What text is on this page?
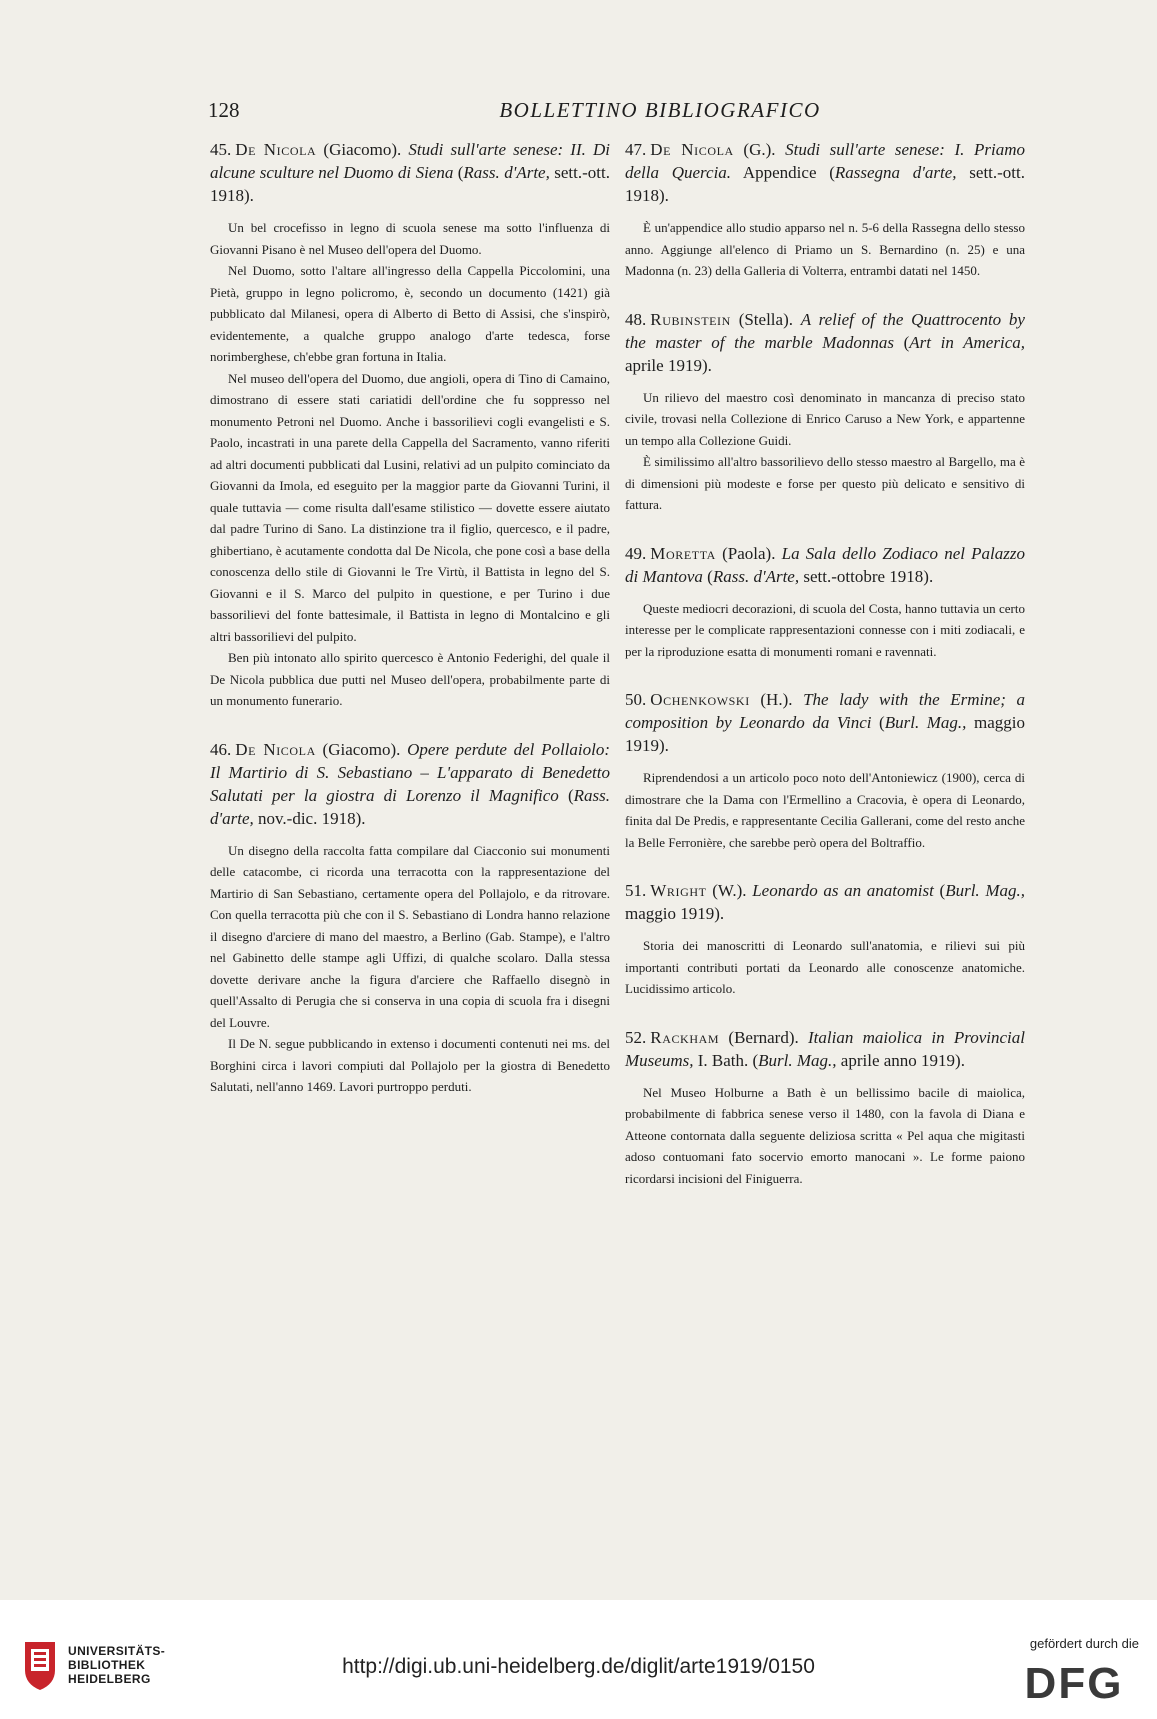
128	BOLLETTINO BIBLIOGRAFICO

45. De Nicola (Giacomo). Studi sull'arte senese: II. Di alcune sculture nel Duomo di Siena (Rass. d'Arte, sett.-ott. 1918).

Un bel crocefisso in legno di scuola senese ma sotto l'influenza di Giovanni Pisano è nel Museo dell'opera del Duomo.

Nel Duomo, sotto l'altare all'ingresso della Cappella Piccolomini, una Pietà, gruppo in legno policromo, è, secondo un documento (1421) già pubblicato dal Milanesi, opera di Alberto di Betto di Assisi, che s'inspirò, evidentemente, a qualche gruppo analogo d'arte tedesca, forse norimberghese, ch'ebbe gran fortuna in Italia.

Nel museo dell'opera del Duomo, due angioli, opera di Tino di Camaino, dimostrano di essere stati cariatidi dell'ordine che fu soppresso nel monumento Petroni nel Duomo. Anche i bassorilievi cogli evangelisti e S. Paolo, incastrati in una parete della Cappella del Sacramento, vanno riferiti ad altri documenti pubblicati dal Lusini, relativi ad un pulpito cominciato da Giovanni da Imola, ed eseguito per la maggior parte da Giovanni Turini, il quale tuttavia — come risulta dall'esame stilistico — dovette essere aiutato dal padre Turino di Sano. La distinzione tra il figlio, quercesco, e il padre, ghibertiano, è acutamente condotta dal De Nicola, che pone così a base della conoscenza dello stile di Giovanni le Tre Virtù, il Battista in legno del S. Giovanni e il S. Marco del pulpito in questione, e per Turino i due bassorilievi del fonte battesimale, il Battista in legno di Montalcino e gli altri bassorilievi del pulpito.

Ben più intonato allo spirito quercesco è Antonio Federighi, del quale il De Nicola pubblica due putti nel Museo dell'opera, probabilmente parte di un monumento funerario.

46. De Nicola (Giacomo). Opere perdute del Pollaiolo: Il Martirio di S. Sebastiano – L'apparato di Benedetto Salutati per la giostra di Lorenzo il Magnifico (Rass. d'arte, nov.-dic. 1918).

Un disegno della raccolta fatta compilare dal Ciacconio sui monumenti delle catacombe, ci ricorda una terracotta con la rappresentazione del Martirio di San Sebastiano, certamente opera del Pollajolo, e da ritrovare. Con quella terracotta più che con il S. Sebastiano di Londra hanno relazione il disegno d'arciere di mano del maestro, a Berlino (Gab. Stampe), e l'altro nel Gabinetto delle stampe agli Uffizi, di qualche scolaro. Dalla stessa dovette derivare anche la figura d'arciere che Raffaello disegnò in quell'Assalto di Perugia che si conserva in una copia di scuola fra i disegni del Louvre.

Il De N. segue pubblicando in extenso i documenti contenuti nei ms. del Borghini circa i lavori compiuti dal Pollajolo per la giostra di Benedetto Salutati, nell'anno 1469. Lavori purtroppo perduti.

47. De Nicola (G.). Studi sull'arte senese: I. Priamo della Quercia. Appendice (Rassegna d'arte, sett.-ott. 1918).

È un'appendice allo studio apparso nel n. 5-6 della Rassegna dello stesso anno. Aggiunge all'elenco di Priamo un S. Bernardino (n. 25) e una Madonna (n. 23) della Galleria di Volterra, entrambi datati nel 1450.

48. Rubinstein (Stella). A relief of the Quattrocento by the master of the marble Madonnas (Art in America, aprile 1919).

Un rilievo del maestro così denominato in mancanza di preciso stato civile, trovasi nella Collezione di Enrico Caruso a New York, e appartenne un tempo alla Collezione Guidi.

È similissimo all'altro bassorilievo dello stesso maestro al Bargello, ma è di dimensioni più modeste e forse per questo più delicato e sensitivo di fattura.

49. Moretta (Paola). La Sala dello Zodiaco nel Palazzo di Mantova (Rass. d'Arte, sett.-ottobre 1918).

Queste mediocri decorazioni, di scuola del Costa, hanno tuttavia un certo interesse per le complicate rappresentazioni connesse con i miti zodiacali, e per la riproduzione esatta di monumenti romani e ravennati.

50. Ochenkowski (H.). The lady with the Ermine; a composition by Leonardo da Vinci (Burl. Mag., maggio 1919).

Riprendendosi a un articolo poco noto dell'Antoniewicz (1900), cerca di dimostrare che la Dama con l'Ermellino a Cracovia, è opera di Leonardo, finita dal De Predis, e rappresentante Cecilia Gallerani, come del resto anche la Belle Ferronière, che sarebbe però opera del Boltraffio.

51. Wright (W.). Leonardo as an anatomist (Burl. Mag., maggio 1919).

Storia dei manoscritti di Leonardo sull'anatomia, e rilievi sui più importanti contributi portati da Leonardo alle conoscenze anatomiche. Lucidissimo articolo.

52. Rackham (Bernard). Italian maiolica in Provincial Museums, I. Bath. (Burl. Mag., aprile anno 1919).

Nel Museo Holburne a Bath è un bellissimo bacile di maiolica, probabilmente di fabbrica senese verso il 1480, con la favola di Diana e Atteone contornata dalla seguente deliziosa scritta « Pel aqua che migitasti adoso contuomani fato socervio emorto manocani ». Le forme paiono ricordarsi incisioni del Finiguerra.

UNIVERSITÄTS-
BIBLIOTHEK
HEIDELBERG
http://digi.ub.uni-heidelberg.de/diglit/arte1919/0150
gefördert durch die
DFG
